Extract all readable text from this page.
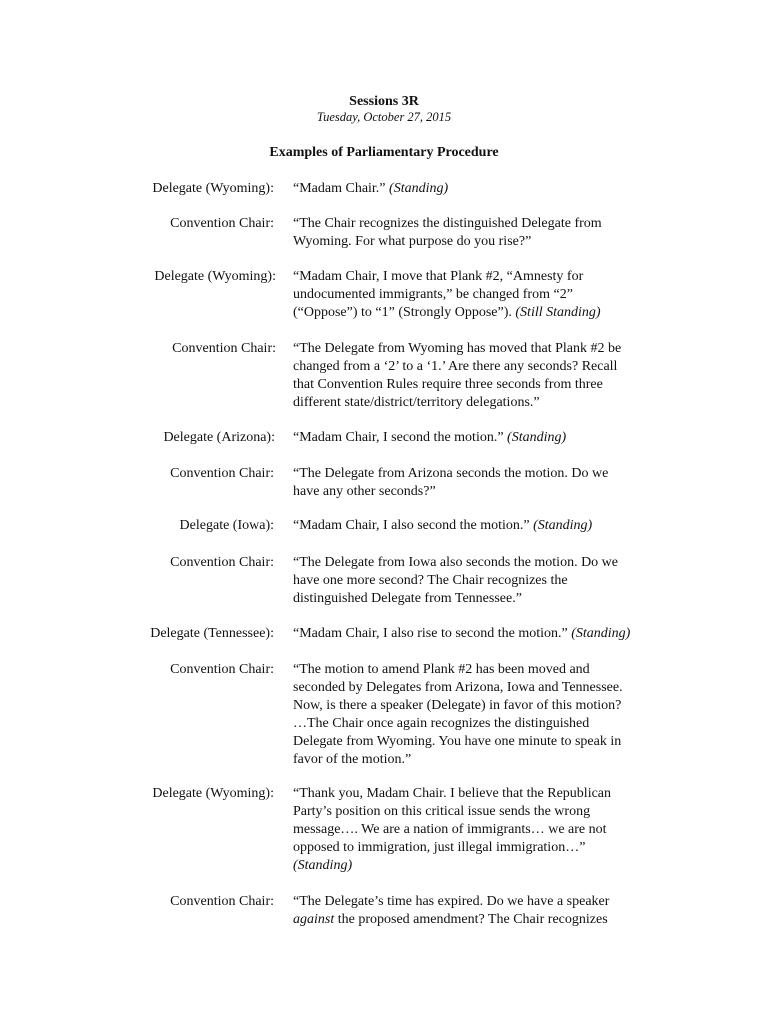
Sessions 3R
Tuesday, October 27, 2015
Examples of Parliamentary Procedure
Delegate (Wyoming): “Madam Chair.” (Standing)
Convention Chair: “The Chair recognizes the distinguished Delegate from
Wyoming. For what purpose do you rise?”
Delegate (Wyoming): “Madam Chair, I move that Plank #2, “Amnesty for
undocumented immigrants,” be changed from “2”
(“Oppose”) to “1” (Strongly Oppose”). (Still Standing)
Convention Chair: “The Delegate from Wyoming has moved that Plank #2 be
changed from a ‘2’ to a ‘1.’ Are there any seconds? Recall
that Convention Rules require three seconds from three
different state/district/territory delegations.”
Delegate (Arizona): “Madam Chair, I second the motion.” (Standing)
Convention Chair: “The Delegate from Arizona seconds the motion. Do we
have any other seconds?”
Delegate (Iowa): “Madam Chair, I also second the motion.” (Standing)
Convention Chair: “The Delegate from Iowa also seconds the motion. Do we
have one more second? The Chair recognizes the
distinguished Delegate from Tennessee.”
Delegate (Tennessee): “Madam Chair, I also rise to second the motion.” (Standing)
Convention Chair: “The motion to amend Plank #2 has been moved and
seconded by Delegates from Arizona, Iowa and Tennessee.
Now, is there a speaker (Delegate) in favor of this motion?
…The Chair once again recognizes the distinguished
Delegate from Wyoming. You have one minute to speak in
favor of the motion.”
Delegate (Wyoming): “Thank you, Madam Chair. I believe that the Republican
Party’s position on this critical issue sends the wrong
message…. We are a nation of immigrants… we are not
opposed to immigration, just illegal immigration…”
(Standing)
Convention Chair: “The Delegate’s time has expired. Do we have a speaker
against the proposed amendment? The Chair recognizes
